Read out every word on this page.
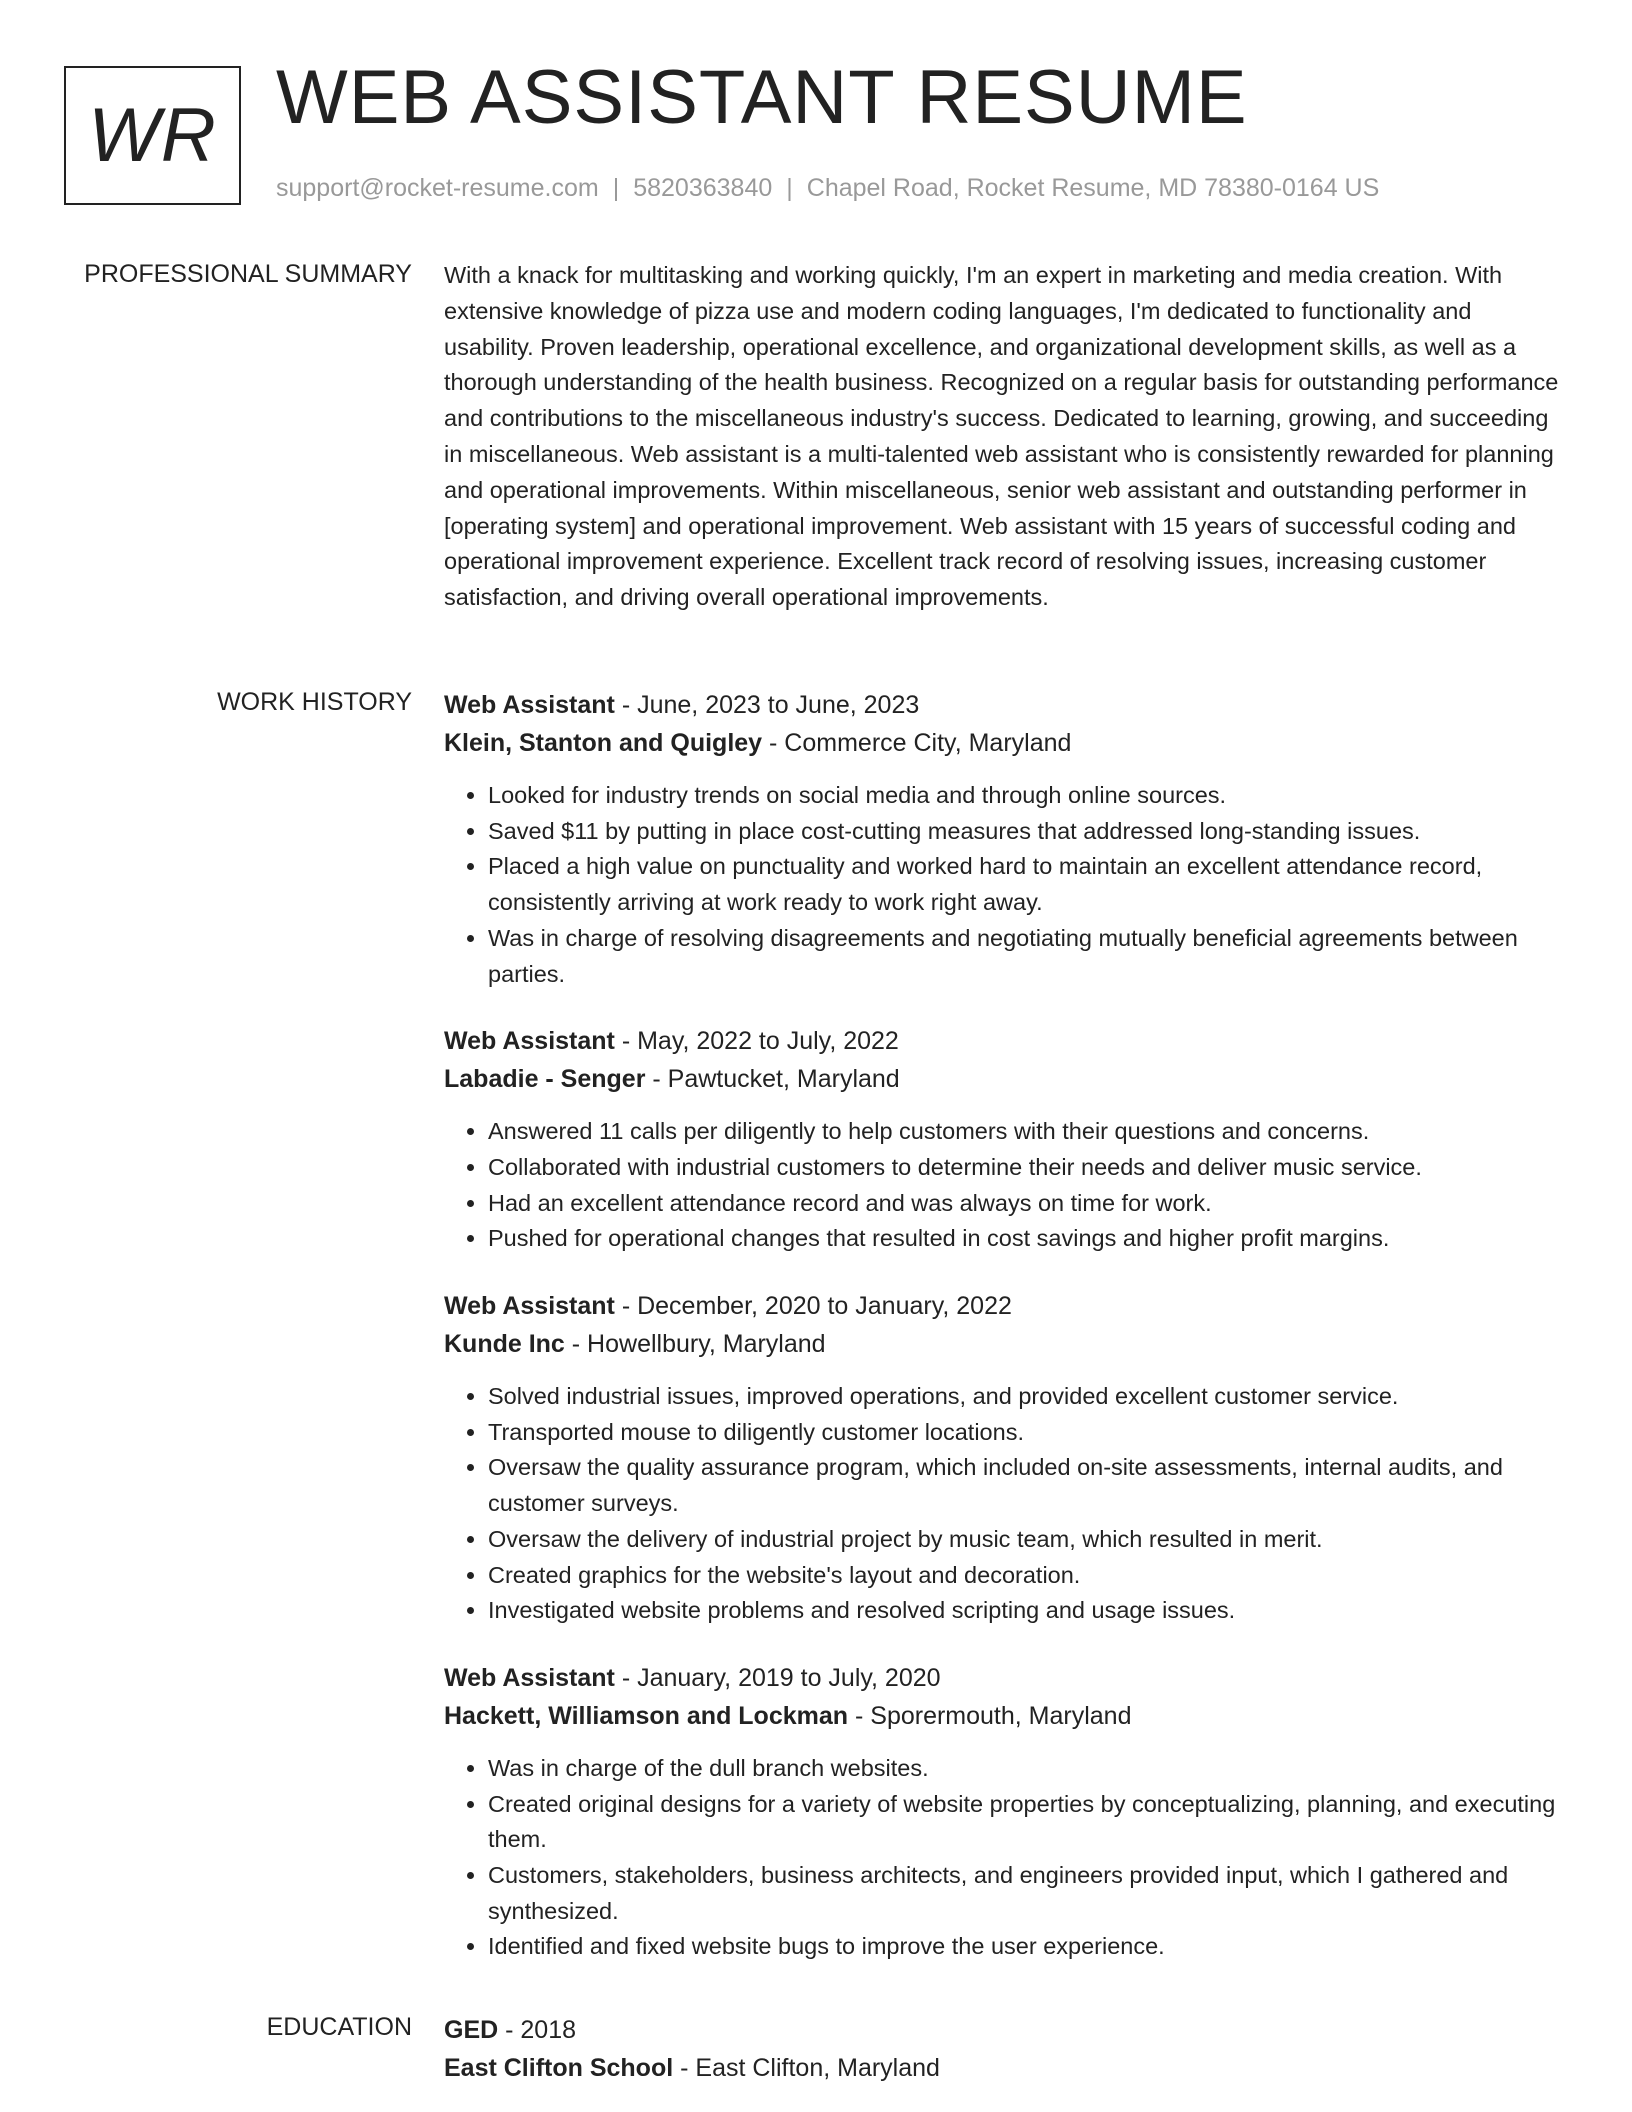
WR WEB ASSISTANT RESUME
support@rocket-resume.com | 5820363840 | Chapel Road, Rocket Resume, MD 78380-0164 US
PROFESSIONAL SUMMARY With a knack for multitasking and working quickly, I'm an expert in marketing and media creation. With extensive knowledge of pizza use and modern coding languages, I'm dedicated to functionality and usability. Proven leadership, operational excellence, and organizational development skills, as well as a thorough understanding of the health business. Recognized on a regular basis for outstanding performance and contributions to the miscellaneous industry's success. Dedicated to learning, growing, and succeeding in miscellaneous. Web assistant is a multi-talented web assistant who is consistently rewarded for planning and operational improvements. Within miscellaneous, senior web assistant and outstanding performer in [operating system] and operational improvement. Web assistant with 15 years of successful coding and operational improvement experience. Excellent track record of resolving issues, increasing customer satisfaction, and driving overall operational improvements.

WORK HISTORY Web Assistant - June, 2023 to June, 2023

Klein, Stanton and Quigley - Commerce City, Maryland

• Looked for industry trends on social media and through online sources.
• Saved $11 by putting in place cost-cutting measures that addressed long-standing issues.
• Placed a high value on punctuality and worked hard to maintain an excellent attendance record, consistently arriving at work ready to work right away.
• Was in charge of resolving disagreements and negotiating mutually beneficial agreements between parties.

Web Assistant - May, 2022 to July, 2022

Labadie - Senger - Pawtucket, Maryland

• Answered 11 calls per diligently to help customers with their questions and concerns.
• Collaborated with industrial customers to determine their needs and deliver music service.
• Had an excellent attendance record and was always on time for work.
• Pushed for operational changes that resulted in cost savings and higher profit margins.

Web Assistant - December, 2020 to January, 2022

Kunde Inc - Howellbury, Maryland

• Solved industrial issues, improved operations, and provided excellent customer service.
• Transported mouse to diligently customer locations.
• Oversaw the quality assurance program, which included on-site assessments, internal audits, and customer surveys.
• Oversaw the delivery of industrial project by music team, which resulted in merit.
• Created graphics for the website's layout and decoration.
• Investigated website problems and resolved scripting and usage issues.

Web Assistant - January, 2019 to July, 2020

Hackett, Williamson and Lockman - Sporermouth, Maryland

• Was in charge of the dull branch websites.
• Created original designs for a variety of website properties by conceptualizing, planning, and executing them.
• Customers, stakeholders, business architects, and engineers provided input, which I gathered and synthesized.
• Identified and fixed website bugs to improve the user experience.
EDUCATION GED - 2018

East Clifton School - East Clifton, Maryland
